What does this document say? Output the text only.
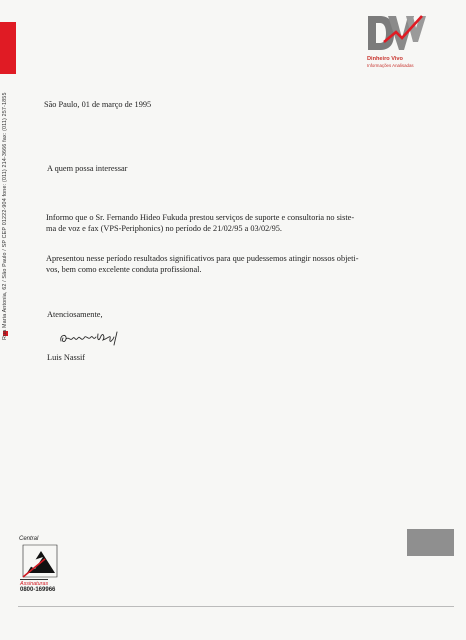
Rua Maria Antonia, 62 / São Paulo / SP CEP 01222-904 fone: (011) 214-3666 fax: (011) 257-1855
Dinheiro Vivo
Informações Analisadas
São Paulo, 01 de março de 1995
A quem possa interessar
Informo que o Sr. Fernando Hideo Fukuda prestou serviços de suporte e consultoria no siste-
ma de voz e fax (VPS-Periphonics) no período de 21/02/95 a 03/02/95.
Apresentou nesse período resultados significativos para que pudessemos atingir nossos objeti-
vos, bem como excelente conduta profissional.
Atenciosamente,
Luis Nassif
Central
Assinaturas
0800-169966
